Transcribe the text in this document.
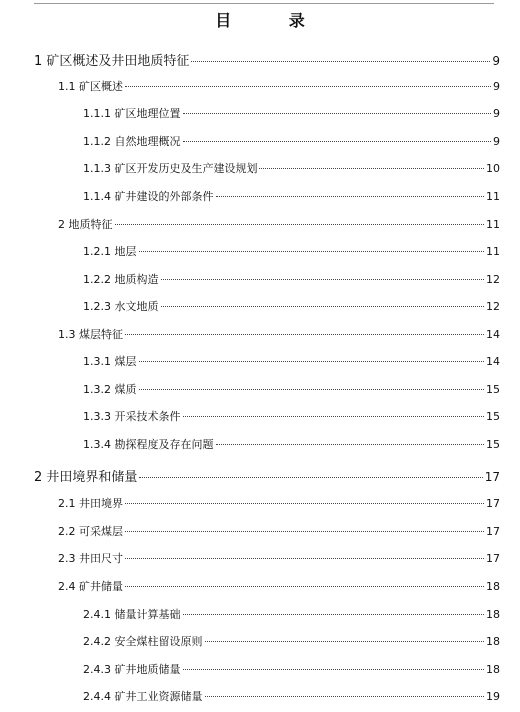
目 录
1 矿区概述及井田地质特征	9
1.1 矿区概述	9
1.1.1 矿区地理位置	9
1.1.2 自然地理概况	9
1.1.3 矿区开发历史及生产建设规划	10
1.1.4 矿井建设的外部条件	11
2 地质特征	11
1.2.1 地层	11
1.2.2 地质构造	12
1.2.3 水文地质	12
1.3 煤层特征	14
1.3.1 煤层	14
1.3.2 煤质	15
1.3.3 开采技术条件	15
1.3.4 勘探程度及存在问题	15
2 井田境界和储量	17
2.1 井田境界	17
2.2 可采煤层	17
2.3 井田尺寸	17
2.4 矿井储量	18
2.4.1 储量计算基础	18
2.4.2 安全煤柱留设原则	18
2.4.3 矿井地质储量	18
2.4.4 矿井工业资源储量	19
